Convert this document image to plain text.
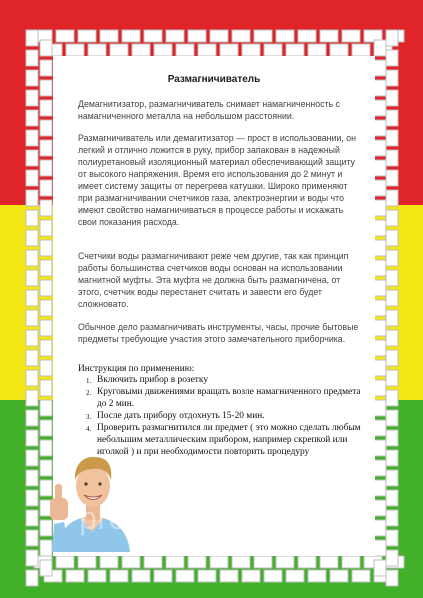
Размагничиватель

Демагнитизатор, размагничиватель снимает намагниченность с намагниченного металла на небольшом расстоянии.

Размагничиватель или демагитизатор — прост в использовании, он легкий и отлично ложится в руку, прибор запакован в надежный полиуретановый изоляционный материал обеспечивающий защиту от высокого напряжения. Время его использования до 2 минут и имеет систему защиты от перегрева катушки. Широко применяют при размагничивании счетчиков газа, электроэнергии и воды что имеют свойство намагничиваться в процессе работы и искажать свои показания расхода.

Счетчики воды размагничивают реже чем другие, так как принцип работы большинства счетчиков воды основан на использовании магнитной муфты. Эта муфта не должна быть размагничена, от этого, счетчик воды перестанет считать и завести его будет сложновато.

Обычное дело размагничивать инструменты, часы, прочие бытовые предметы требующие участия этого замечательного приборчика.

Инструкция по применению:
1. Включить прибор в розетку
2. Круговыми движениями вращать возле намагниченного предмета до 2 мин.
3. После дать прибору отдохнуть 15-20 мин.
4. Проверить размагнитился ли предмет ( это можно сделать любым небольшим металлическим прибором, например скрепкой или иголкой ) и при необходимости повторить процедуру
pro-elektro.com.ua
